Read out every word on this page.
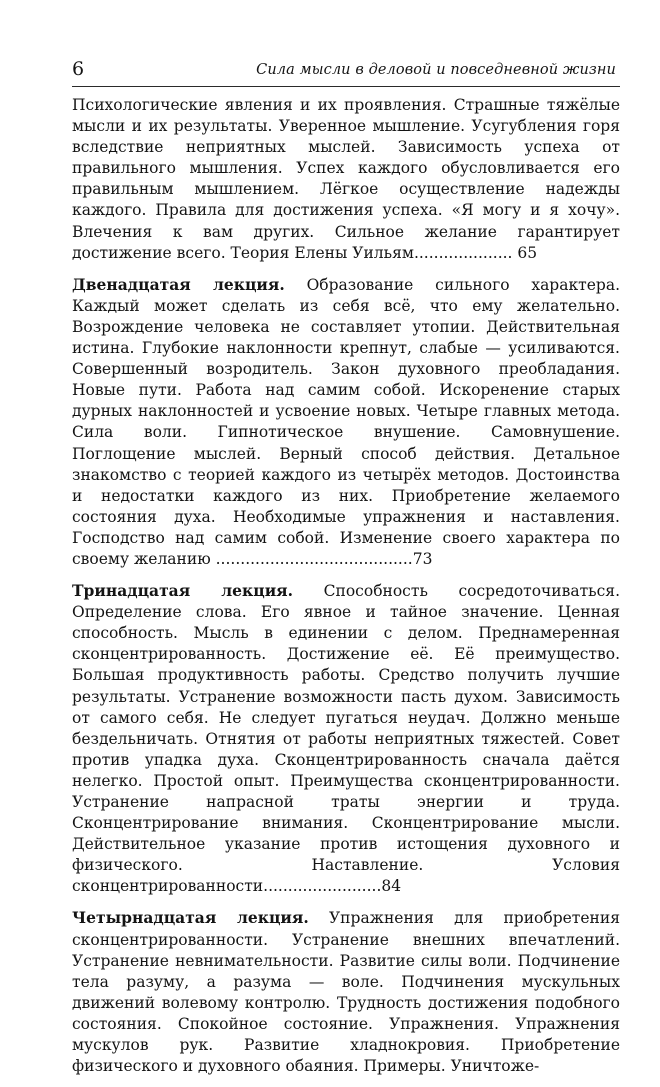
6	Сила мысли в деловой и повседневной жизни

Психологические явления и их проявления. Страшные тяжёлые мысли и их результаты. Уверенное мышление. Усугубления горя вследствие неприятных мыслей. Зависимость успеха от правильного мышления. Успех каждого обусловливается его правильным мышлением. Лёгкое осуществление надежды каждого. Правила для достижения успеха. «Я могу и я хочу». Влечения к вам других. Сильное желание гарантирует достижение всего. Теория Елены Уильям.................... 65

Двенадцатая лекция. Образование сильного характера. Каждый может сделать из себя всё, что ему желательно. Возрождение человека не составляет утопии. Действительная истина. Глубокие наклонности крепнут, слабые — усиливаются. Совершенный возродитель. Закон духовного преобладания. Новые пути. Работа над самим собой. Искоренение старых дурных наклонностей и усвоение новых. Четыре главных метода. Сила воли. Гипнотическое внушение. Самовнушение. Поглощение мыслей. Верный способ действия. Детальное знакомство с теорией каждого из четырёх методов. Достоинства и недостатки каждого из них. Приобретение желаемого состояния духа. Необходимые упражнения и наставления. Господство над самим собой. Изменение своего характера по своему желанию ........................................73

Тринадцатая лекция. Способность сосредоточиваться. Определение слова. Его явное и тайное значение. Ценная способность. Мысль в единении с делом. Преднамеренная сконцентрированность. Достижение её. Её преимущество. Большая продуктивность работы. Средство получить лучшие результаты. Устранение возможности пасть духом. Зависимость от самого себя. Не следует пугаться неудач. Должно меньше бездельничать. Отнятия от работы неприятных тяжестей. Совет против упадка духа. Сконцентрированность сначала даётся нелегко. Простой опыт. Преимущества сконцентрированности. Устранение напрасной траты энергии и труда. Сконцентрирование внимания. Сконцентрирование мысли. Действительное указание против истощения духовного и физического. Наставление. Условия сконцентрированности........................84

Четырнадцатая лекция. Упражнения для приобретения сконцентрированности. Устранение внешних впечатлений. Устранение невнимательности. Развитие силы воли. Подчинение тела разуму, а разума — воле. Подчинения мускульных движений волевому контролю. Трудность достижения подобного состояния. Спокойное состояние. Упражнения. Упражнения мускулов рук. Развитие хладнокровия. Приобретение физического и духовного обаяния. Примеры. Уничтоже-
